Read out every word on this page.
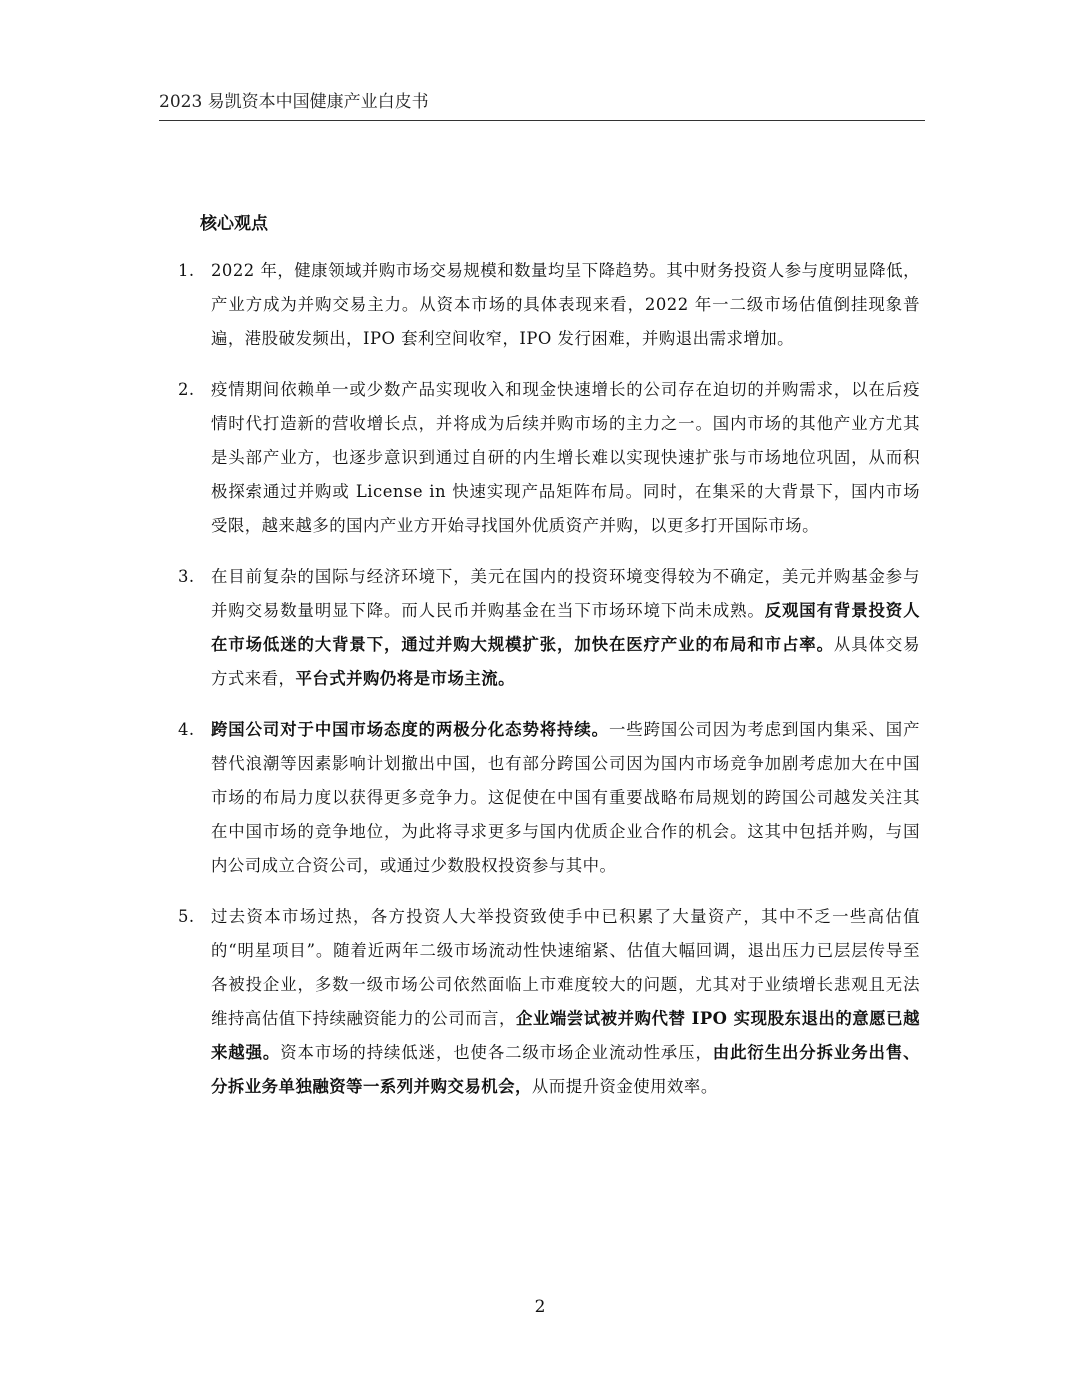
2023 易凯资本中国健康产业白皮书
核心观点
1. 2022 年，健康领域并购市场交易规模和数量均呈下降趋势。其中财务投资人参与度明显降低，产业方成为并购交易主力。从资本市场的具体表现来看，2022 年一二级市场估值倒挂现象普遍，港股破发频出，IPO 套利空间收窄，IPO 发行困难，并购退出需求增加。
2. 疫情期间依赖单一或少数产品实现收入和现金快速增长的公司存在迫切的并购需求，以在后疫情时代打造新的营收增长点，并将成为后续并购市场的主力之一。国内市场的其他产业方尤其是头部产业方，也逐步意识到通过自研的内生增长难以实现快速扩张与市场地位巩固，从而积极探索通过并购或 License in 快速实现产品矩阵布局。同时，在集采的大背景下，国内市场受限，越来越多的国内产业方开始寻找国外优质资产并购，以更多打开国际市场。
3. 在目前复杂的国际与经济环境下，美元在国内的投资环境变得较为不确定，美元并购基金参与并购交易数量明显下降。而人民币并购基金在当下市场环境下尚未成熟。反观国有背景投资人在市场低迷的大背景下，通过并购大规模扩张，加快在医疗产业的布局和市占率。从具体交易方式来看，平台式并购仍将是市场主流。
4. 跨国公司对于中国市场态度的两极分化态势将持续。一些跨国公司因为考虑到国内集采、国产替代浪潮等因素影响计划撤出中国，也有部分跨国公司因为国内市场竞争加剧考虑加大在中国市场的布局力度以获得更多竞争力。这促使在中国有重要战略布局规划的跨国公司越发关注其在中国市场的竞争地位，为此将寻求更多与国内优质企业合作的机会。这其中包括并购，与国内公司成立合资公司，或通过少数股权投资参与其中。
5. 过去资本市场过热，各方投资人大举投资致使手中已积累了大量资产，其中不乏一些高估值的“明星项目”。随着近两年二级市场流动性快速缩紧、估值大幅回调，退出压力已层层传导至各被投企业，多数一级市场公司依然面临上市难度较大的问题，尤其对于业绩增长悲观且无法维持高估值下持续融资能力的公司而言，企业端尝试被并购代替 IPO 实现股东退出的意愿已越来越强。资本市场的持续低迷，也使各二级市场企业流动性承压，由此衍生出分拆业务出售、分拆业务单独融资等一系列并购交易机会，从而提升资金使用效率。
2
